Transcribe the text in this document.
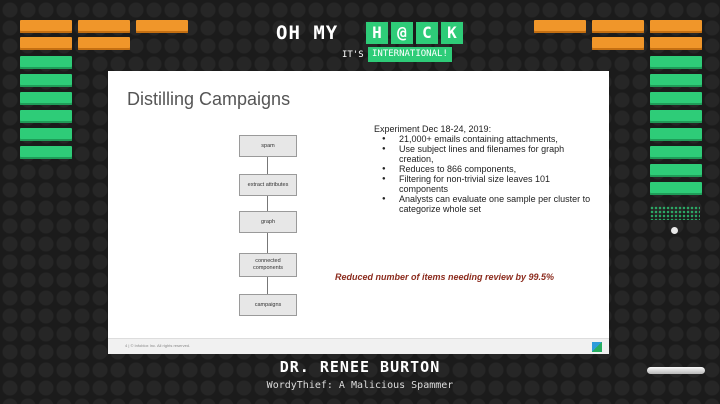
OH MY	H @ C K
IT'S INTERNATIONAL!
Distilling Campaigns
spam
extract attributes
graph
connected components
campaigns
Experiment Dec 18-24, 2019:
● 21,000+ emails containing attachments,
● Use subject lines and filenames for graph creation,
● Reduces to 866 components,
● Filtering for non-trivial size leaves 101 components
● Analysts can evaluate one sample per cluster to categorize whole set
Reduced number of items needing review by 99.5%
4 | © Infoblox Inc. All rights reserved.
DR. RENEE BURTON
WordyThief: A Malicious Spammer
